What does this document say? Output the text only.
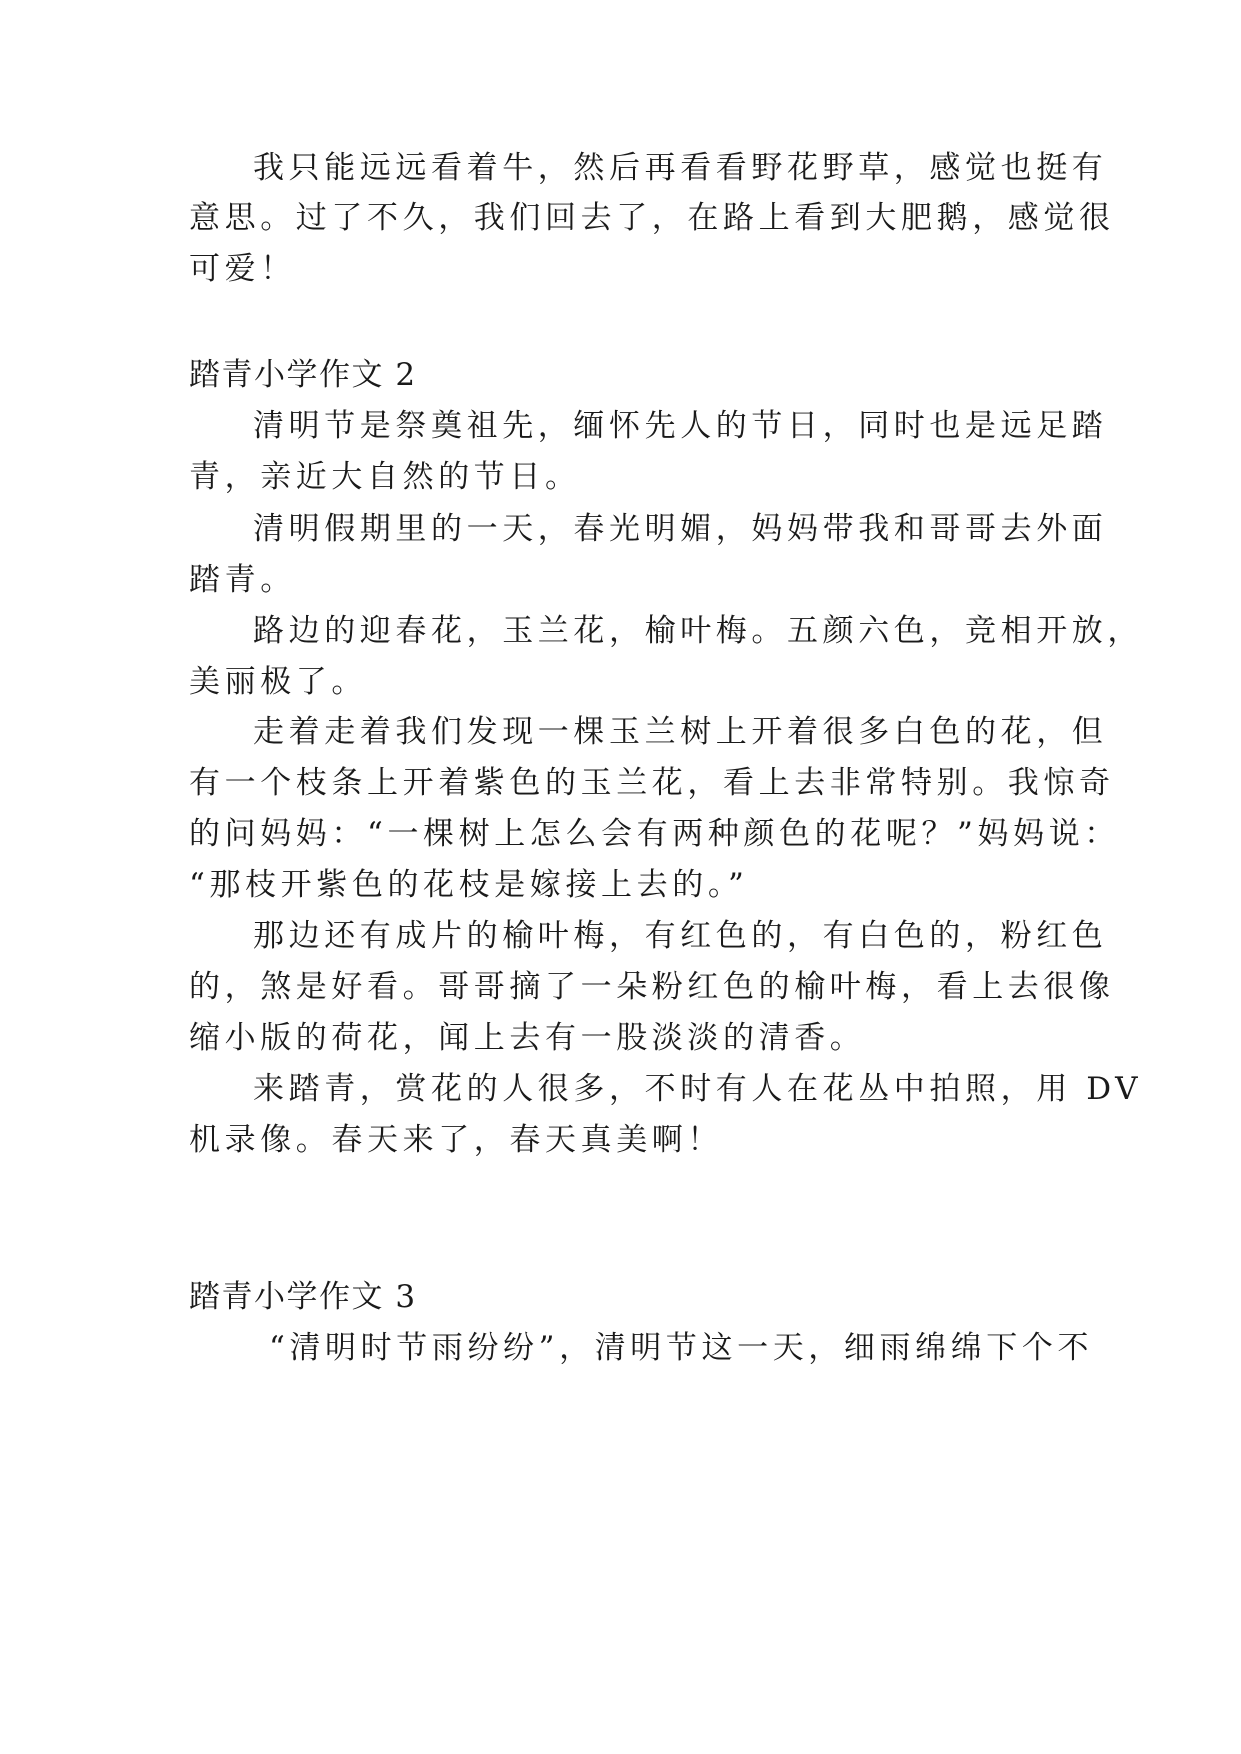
我只能远远看着牛，然后再看看野花野草，感觉也挺有
意思。过了不久，我们回去了，在路上看到大肥鹅，感觉很
可爱！
踏青小学作文 2
清明节是祭奠祖先，缅怀先人的节日，同时也是远足踏
青，亲近大自然的节日。
清明假期里的一天，春光明媚，妈妈带我和哥哥去外面
踏青。
路边的迎春花，玉兰花，榆叶梅。五颜六色，竞相开放，
美丽极了。
走着走着我们发现一棵玉兰树上开着很多白色的花，但
有一个枝条上开着紫色的玉兰花，看上去非常特别。我惊奇
的问妈妈：“一棵树上怎么会有两种颜色的花呢？”妈妈说：
“那枝开紫色的花枝是嫁接上去的。”
那边还有成片的榆叶梅，有红色的，有白色的，粉红色
的，煞是好看。哥哥摘了一朵粉红色的榆叶梅，看上去很像
缩小版的荷花，闻上去有一股淡淡的清香。
来踏青，赏花的人很多，不时有人在花丛中拍照，用 DV
机录像。春天来了，春天真美啊！
踏青小学作文 3
“清明时节雨纷纷”，清明节这一天，细雨绵绵下个不
